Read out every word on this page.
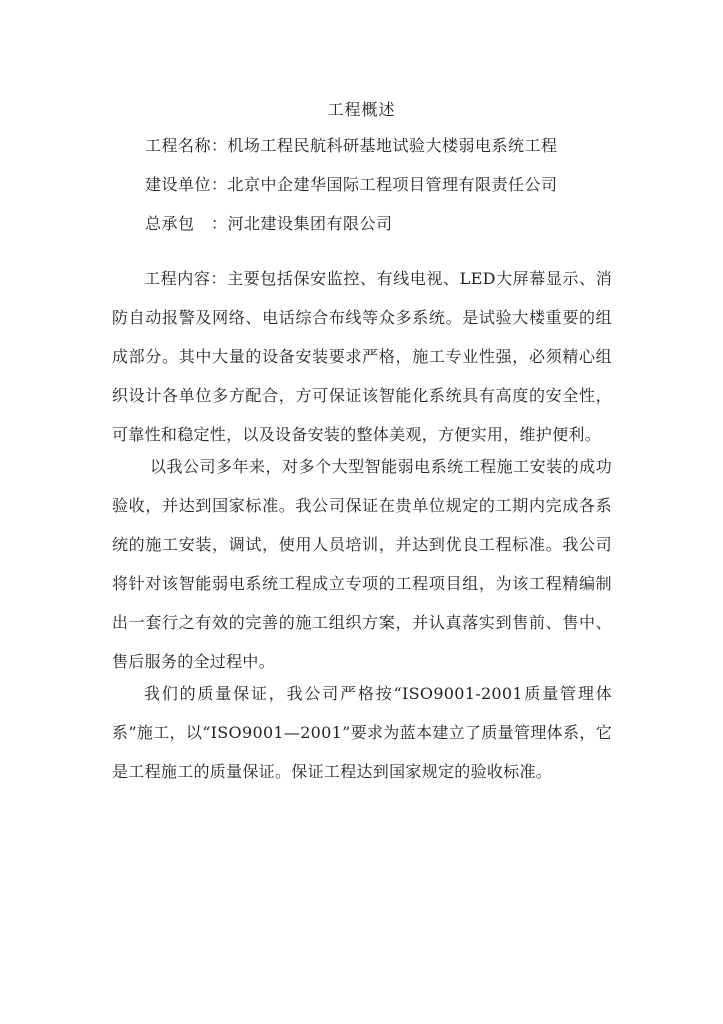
工程概述
工程名称：机场工程民航科研基地试验大楼弱电系统工程
建设单位：北京中企建华国际工程项目管理有限责任公司
总承包　：河北建设集团有限公司

工程内容：主要包括保安监控、有线电视、LED大屏幕显示、消防自动报警及网络、电话综合布线等众多系统。是试验大楼重要的组成部分。其中大量的设备安装要求严格，施工专业性强，必须精心组织设计各单位多方配合，方可保证该智能化系统具有高度的安全性，可靠性和稳定性，以及设备安装的整体美观，方便实用，维护便利。

以我公司多年来，对多个大型智能弱电系统工程施工安装的成功验收，并达到国家标准。我公司保证在贵单位规定的工期内完成各系统的施工安装，调试，使用人员培训，并达到优良工程标准。我公司将针对该智能弱电系统工程成立专项的工程项目组，为该工程精编制出一套行之有效的完善的施工组织方案，并认真落实到售前、售中、售后服务的全过程中。

我们的质量保证，我公司严格按“ISO9001-2001质量管理体系”施工，以“ISO9001—2001”要求为蓝本建立了质量管理体系，它是工程施工的质量保证。保证工程达到国家规定的验收标准。
